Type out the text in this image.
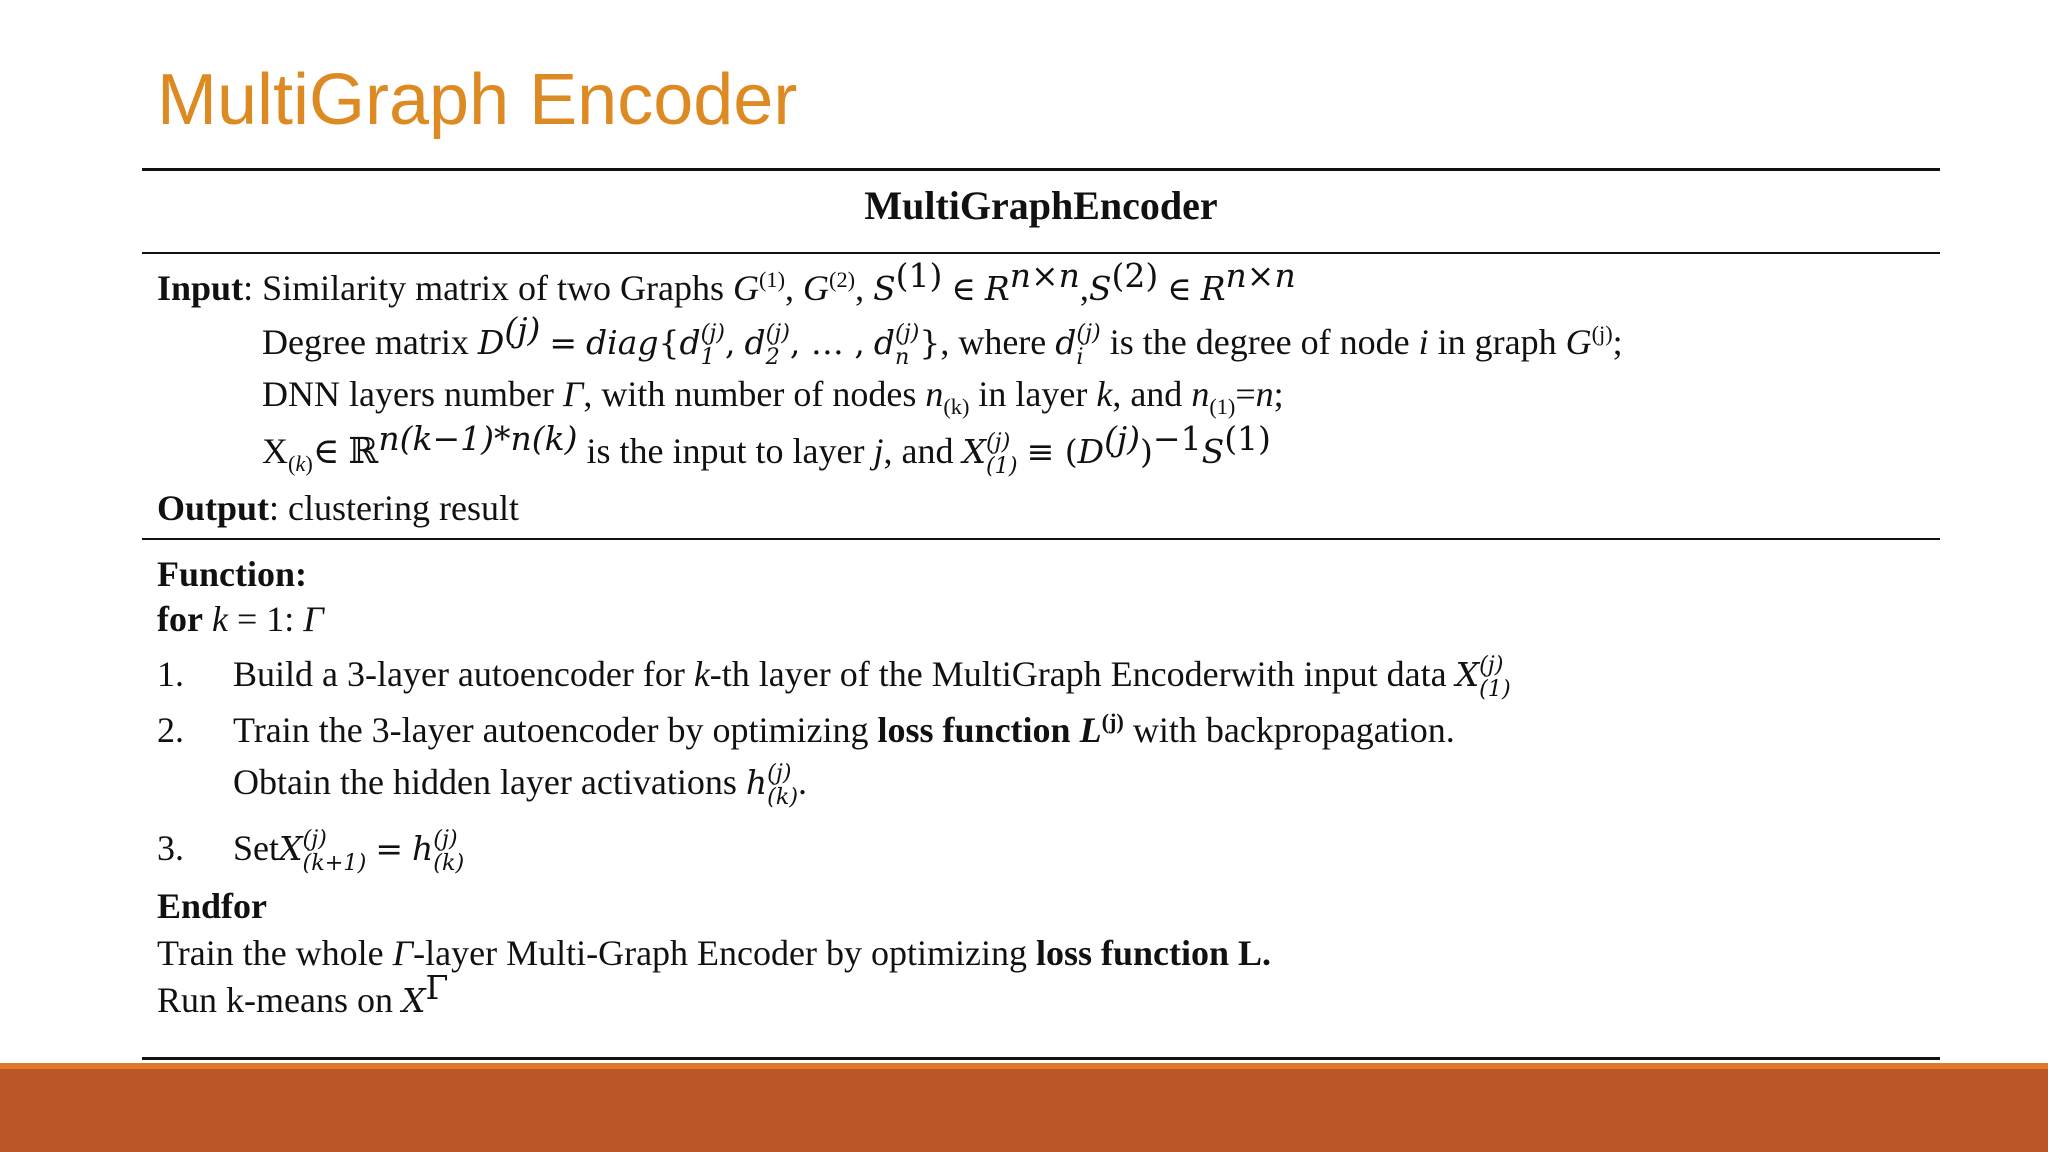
MultiGraph Encoder
MultiGraphEncoder
Input: Similarity matrix of two Graphs $G^{(1)}$, $G^{(2)}$, $S^{(1)}$ ∈ $R^{n\times n},S^{(2)}$ ∈ $R^{n\times n}$
Degree matrix $D^{(j)}$ = diag{d (j)
1 , d (j)
2 , … , d (j)
n }, where d (j)
i is the degree of node i in graph $G^{(j)}$;
DNN layers number Γ, with number of nodes $n_{(k)}$ in layer k, and $n_{(1)}=n$;
$X_{(k)}\in$ ℝ$^{n(k-1)*n(k)}$ is the input to layer j, and X (j)
$(1) \equiv (D^{(j)})^{-1}S^{(1)}$
Output: clustering result
Function:
for k = 1: Γ
1. Build a 3-layer autoencoder for k-th layer of the MultiGraph Encoderwith input data X (j)
(1)
2. Train the 3-layer autoencoder by optimizing loss function $L^{(j)}$ with backpropagation.
Obtain the hidden layer activations h (j)
(k) .
3. SetX (j)
(k+1) = h (j)
(k)
Endfor
Train the whole Γ-layer Multi-Graph Encoder by optimizing loss function L.
Run k-means on $X^\Gamma$
